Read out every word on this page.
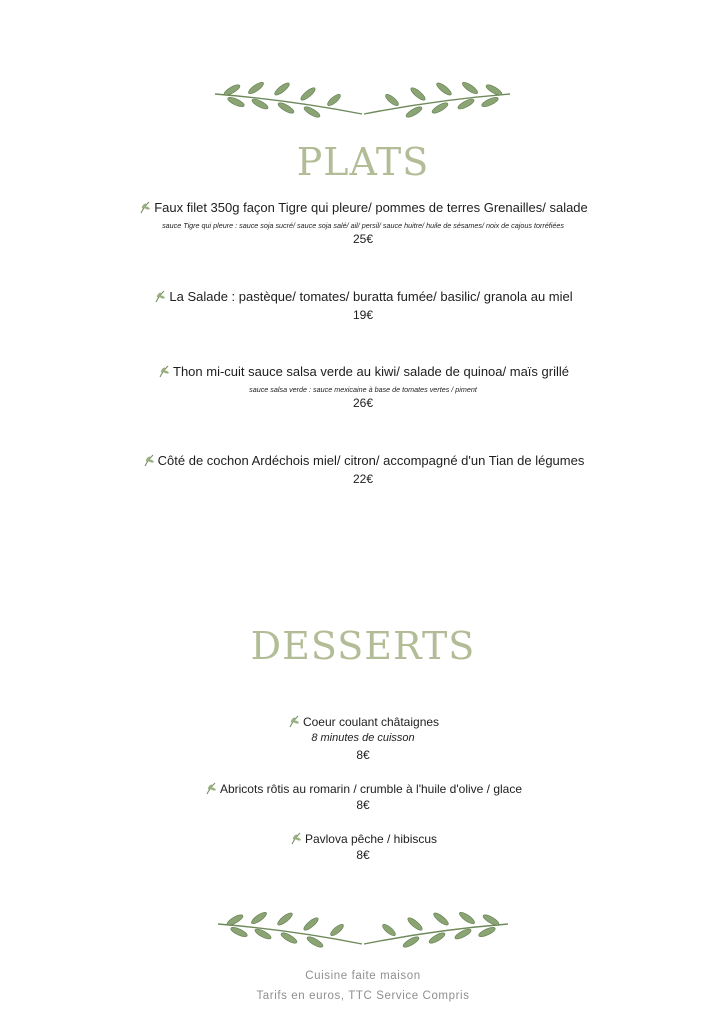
PLATS
Faux filet 350g façon Tigre qui pleure/ pommes de terres Grenailles/ salade
sauce Tigre qui pleure : sauce soja sucré/ sauce soja salé/ ail/ persil/ sauce huitre/ huile de sésames/ noix de cajous torréfiées
25€
La Salade : pastèque/ tomates/ buratta fumée/ basilic/ granola au miel
19€
Thon mi-cuit sauce salsa verde au kiwi/ salade de quinoa/ maïs grillé
sauce salsa verde : sauce mexicaine à base de tomates vertes / piment
26€
Côté de cochon Ardéchois miel/ citron/ accompagné d'un Tian de légumes
22€
DESSERTS
Coeur coulant châtaignes
8 minutes de cuisson
8€
Abricots rôtis au romarin / crumble à l'huile d'olive / glace
8€
Pavlova pêche / hibiscus
8€
Cuisine faite maison
Tarifs en euros, TTC Service Compris
